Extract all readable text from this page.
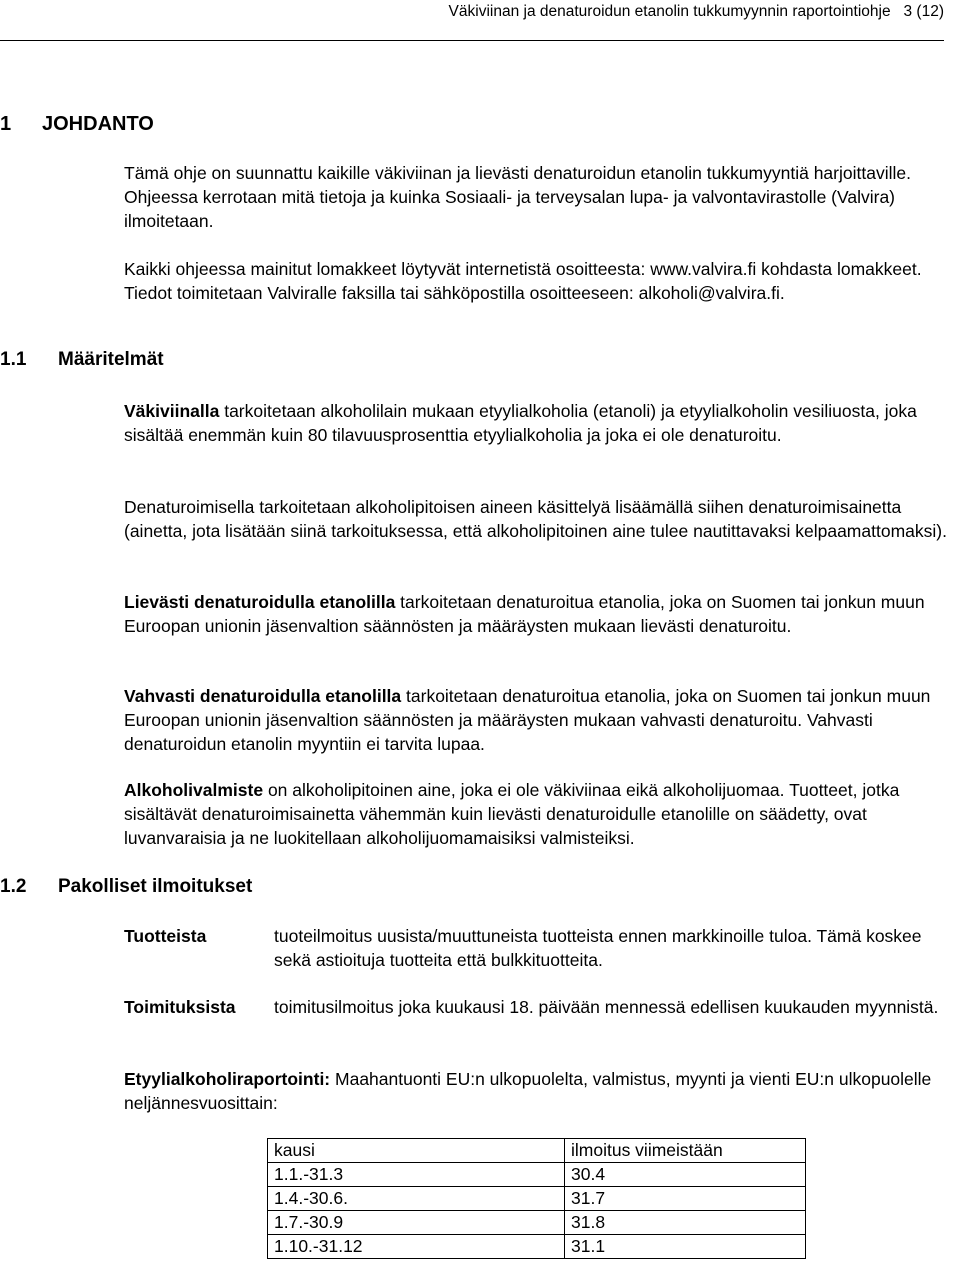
Väkiviinan ja denaturoidun etanolin tukkumyynnin raportointiohje 3 (12)
1 JOHDANTO

Tämä ohje on suunnattu kaikille väkiviinan ja lievästi denaturoidun etanolin tukkumyyntiä harjoittaville. Ohjeessa kerrotaan mitä tietoja ja kuinka Sosiaali- ja terveysalan lupa- ja valvontavirastolle (Valvira) ilmoitetaan.

Kaikki ohjeessa mainitut lomakkeet löytyvät internetistä osoitteesta: www.valvira.fi kohdasta lomakkeet. Tiedot toimitetaan Valviralle faksilla tai sähköpostilla osoitteeseen: alkoholi@valvira.fi.

1.1 Määritelmät

Väkiviinalla tarkoitetaan alkoholilain mukaan etyylialkoholia (etanoli) ja etyylialkoholin vesiliuosta, joka sisältää enemmän kuin 80 tilavuusprosenttia etyylialkoholia ja joka ei ole denaturoitu.

Denaturoimisella tarkoitetaan alkoholipitoisen aineen käsittelyä lisäämällä siihen denaturoimisainetta (ainetta, jota lisätään siinä tarkoituksessa, että alkoholipitoinen aine tulee nautittavaksi kelpaamattomaksi).

Lievästi denaturoidulla etanolilla tarkoitetaan denaturoitua etanolia, joka on Suomen tai jonkun muun Euroopan unionin jäsenvaltion säännösten ja määräysten mukaan lievästi denaturoitu.

Vahvasti denaturoidulla etanolilla tarkoitetaan denaturoitua etanolia, joka on Suomen tai jonkun muun Euroopan unionin jäsenvaltion säännösten ja määräysten mukaan vahvasti denaturoitu. Vahvasti denaturoidun etanolin myyntiin ei tarvita lupaa.

Alkoholivalmiste on alkoholipitoinen aine, joka ei ole väkiviinaa eikä alkoholijuomaa. Tuotteet, jotka sisältävät denaturoimisainetta vähemmän kuin lievästi denaturoidulle etanolille on säädetty, ovat luvanvaraisia ja ne luokitellaan alkoholijuomamaisiksi valmisteiksi.

1.2 Pakolliset ilmoitukset
Tuotteista	tuoteilmoitus uusista/muuttuneista tuotteista ennen markkinoille tuloa. Tämä koskee sekä astioituja tuotteita että bulkkituotteita.
Toimituksista toimitusilmoitus joka kuukausi 18. päivään mennessä edellisen kuukauden myynnistä.

Etyylialkoholiraportointi: Maahantuonti EU:n ulkopuolelta, valmistus, myynti ja vienti EU:n ulkopuolelle neljännesvuosittain:

kausi	ilmoitus viimeistään
1.1.-31.3	30.4
1.4.-30.6.	31.7
1.7.-30.9	31.8
1.10.-31.12	31.1
